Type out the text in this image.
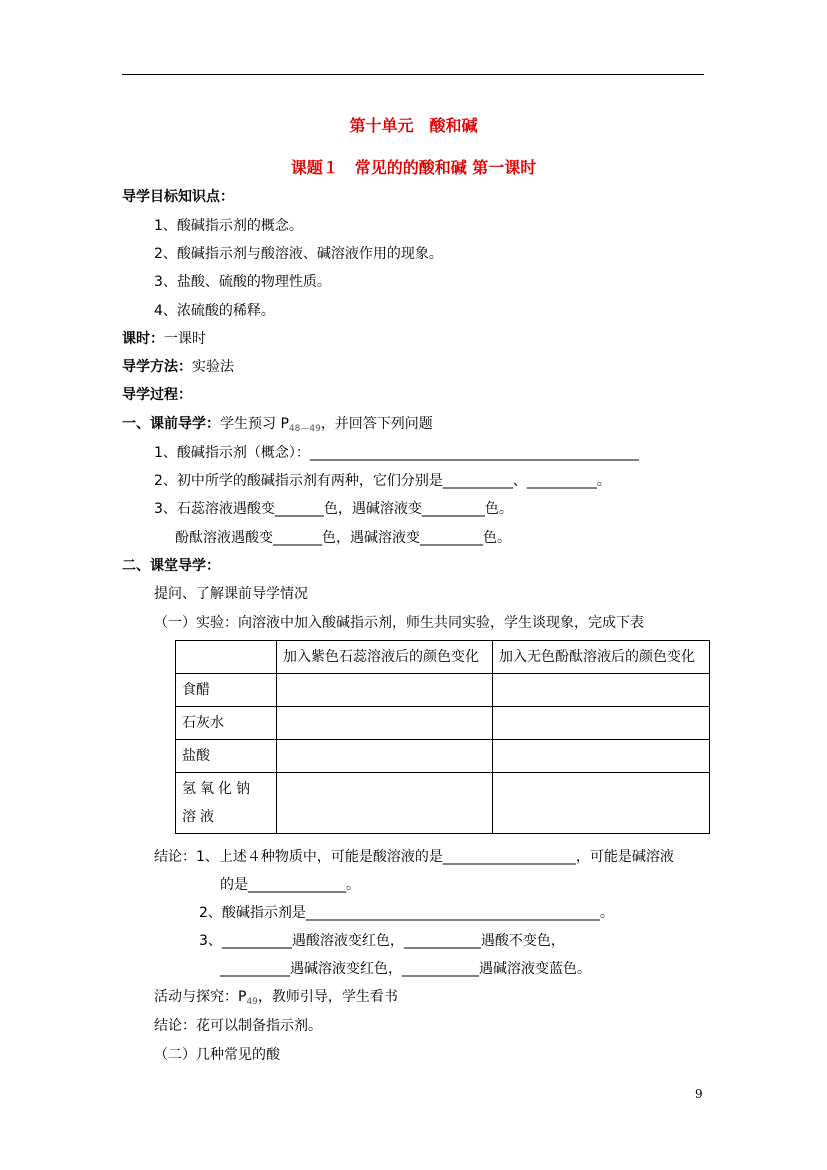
第十单元　酸和碱
课题１　常见的的酸和碱 第一课时
导学目标知识点：
1、酸碱指示剂的概念。
2、酸碱指示剂与酸溶液、碱溶液作用的现象。
3、盐酸、硫酸的物理性质。
4、浓硫酸的稀释。
课时：一课时
导学方法：实验法
导学过程：
一、课前导学：学生预习 $P_{48—49}$，并回答下列问题
1、酸碱指示剂（概念）：_______________________________________________
2、初中所学的酸碱指示剂有两种，它们分别是__________、__________。
3、石蕊溶液遇酸变_______色，遇碱溶液变_________色。
酚酞溶液遇酸变_______色，遇碱溶液变_________色。
二、课堂导学：
提问、了解课前导学情况
（一）实验：向溶液中加入酸碱指示剂，师生共同实验，学生谈现象，完成下表
	加入紫色石蕊溶液后的颜色变化	加入无色酚酞溶液后的颜色变化
食醋		
石灰水		
盐酸		
氢氧化钠溶液		
结论：1、上述４种物质中，可能是酸溶液的是___________________，可能是碱溶液
的是______________。
2、酸碱指示剂是__________________________________________。
3、__________遇酸溶液变红色，___________遇酸不变色，
__________遇碱溶液变红色，___________遇碱溶液变蓝色。
活动与探究：$P_{49}$，教师引导，学生看书
结论：花可以制备指示剂。
（二）几种常见的酸
9
